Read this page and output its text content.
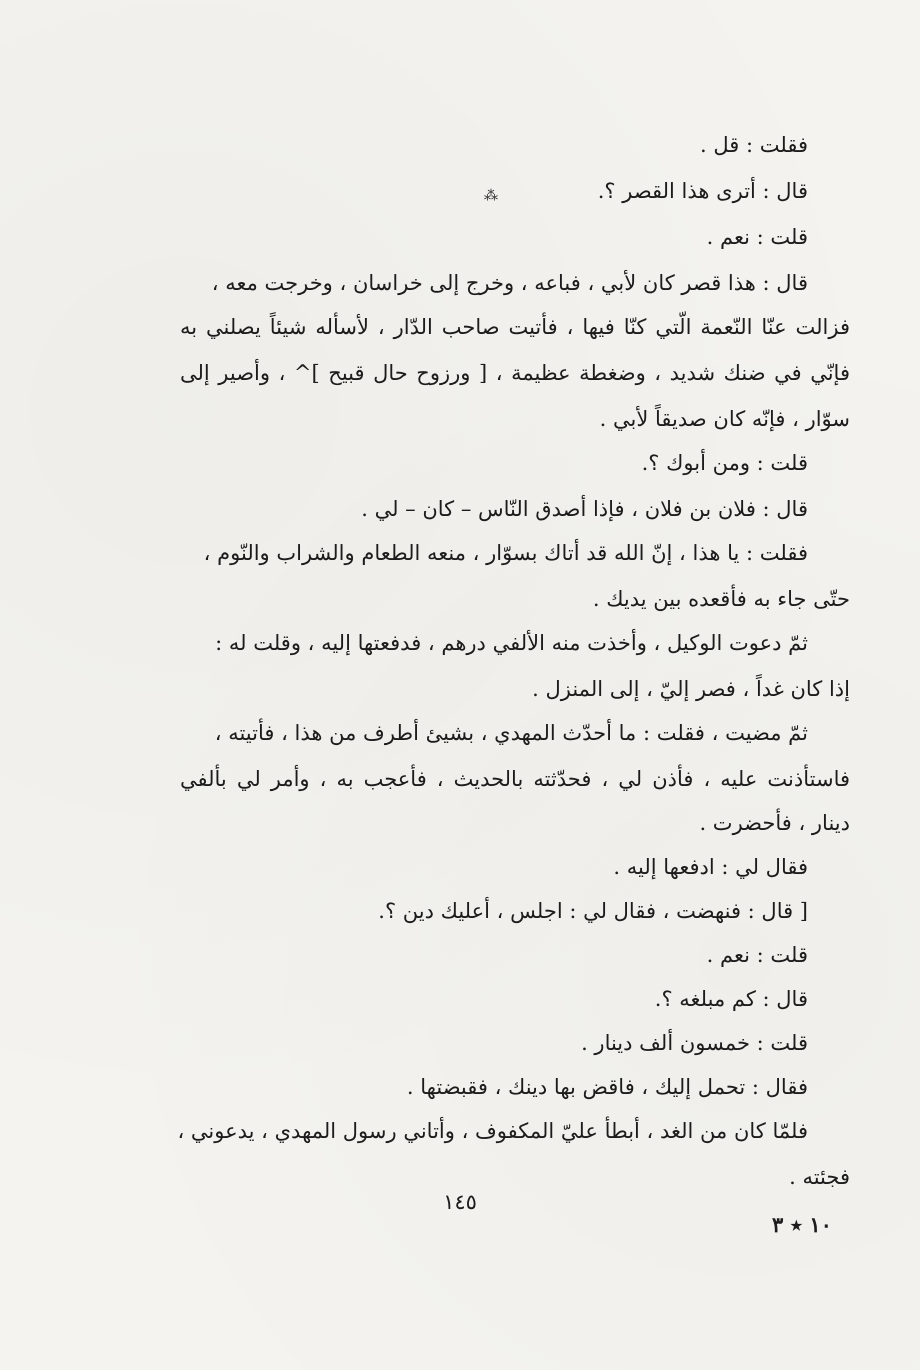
⁂
فقلت : قل .
قال : أترى هذا القصر ؟.
قلت : نعم .
قال : هذا قصر كان لأبي ، فباعه ، وخرج إلى خراسان ، وخرجت معه ،
فزالت عنّا النّعمة الّتي كنّا فيها ، فأتيت صاحب الدّار ، لأسأله شيئاً يصلني به
فإنّي في ضنك شديد ، وضغطة عظيمة ، [ ورزوح حال قبيح ]^ ، وأصير إلى
سوّار ، فإنّه كان صديقاً لأبي .
قلت : ومن أبوك ؟.
قال : فلان بن فلان ، فإذا أصدق النّاس – كان – لي .
فقلت : يا هذا ، إنّ الله قد أتاك بسوّار ، منعه الطعام والشراب والنّوم ،
حتّى جاء به فأقعده بين يديك .
ثمّ دعوت الوكيل ، وأخذت منه الألفي درهم ، فدفعتها إليه ، وقلت له :
إذا كان غداً ، فصر إليّ ، إلى المنزل .
ثمّ مضيت ، فقلت : ما أحدّث المهدي ، بشيئ أطرف من هذا ، فأتيته ،
فاستأذنت عليه ، فأذن لي ، فحدّثته بالحديث ، فأعجب به ، وأمر لي بألفي
دينار ، فأحضرت .
فقال لي : ادفعها إليه .
[ قال : فنهضت ، فقال لي : اجلس ، أعليك دين ؟.
قلت : نعم .
قال : كم مبلغه ؟.
قلت : خمسون ألف دينار .
فقال : تحمل إليك ، فاقض بها دينك ، فقبضتها .
فلمّا كان من الغد ، أبطأ عليّ المكفوف ، وأتاني رسول المهدي ، يدعوني ،
فجئته .
١٤٥
١٠ ٭ ٣
